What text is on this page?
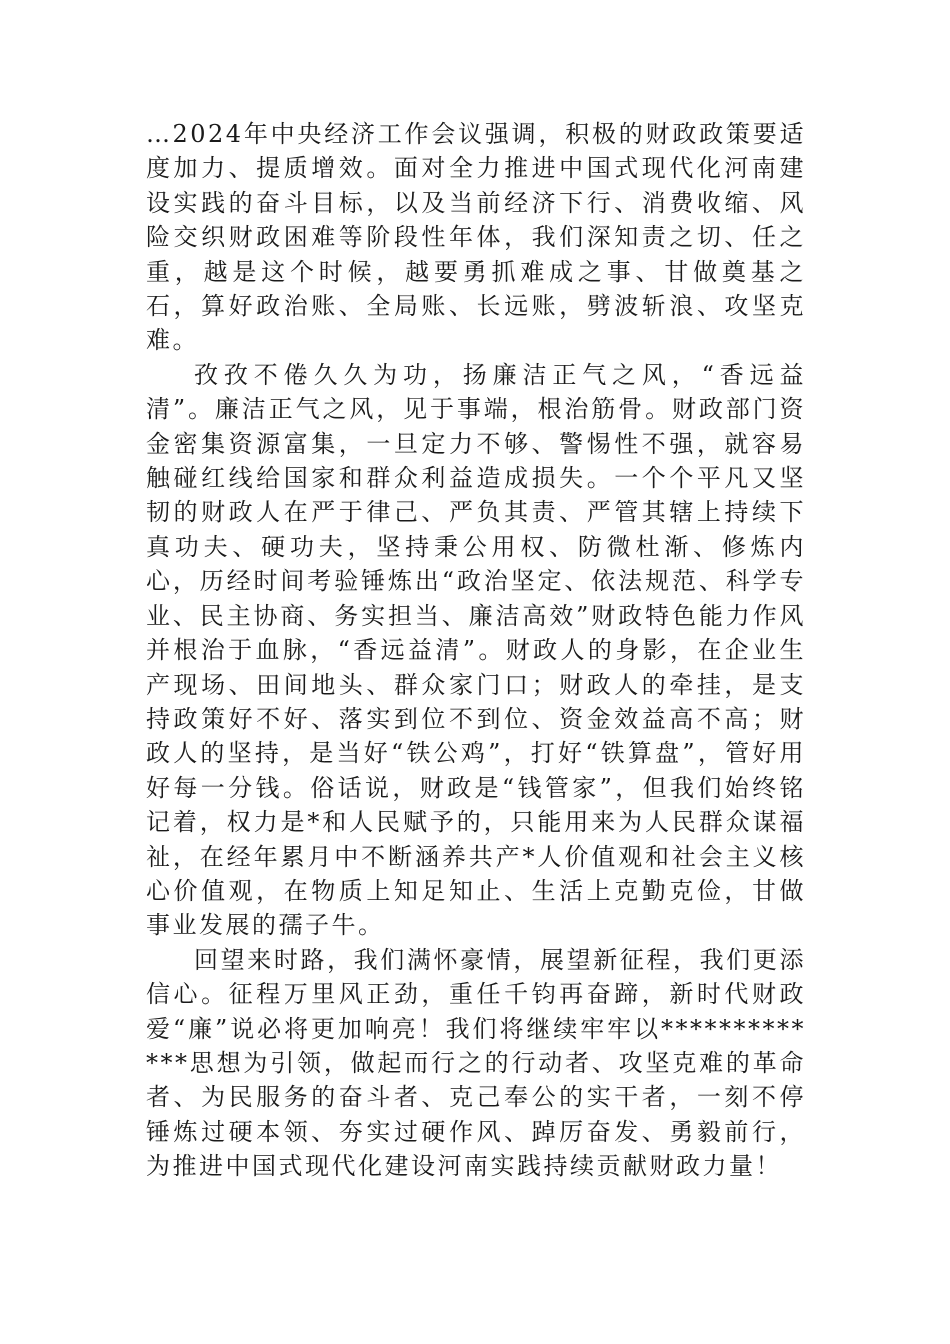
…2024年中央经济工作会议强调，积极的财政政策要适度加力、提质增效。面对全力推进中国式现代化河南建设实践的奋斗目标，以及当前经济下行、消费收缩、风险交织财政困难等阶段性年体，我们深知责之切、任之重，越是这个时候，越要勇抓难成之事、甘做奠基之石，算好政治账、全局账、长远账，劈波斩浪、攻坚克难。

孜孜不倦久久为功，扬廉洁正气之风，“香远益清”。廉洁正气之风，见于事端，根治筋骨。财政部门资金密集资源富集，一旦定力不够、警惕性不强，就容易触碰红线给国家和群众利益造成损失。一个个平凡又坚韧的财政人在严于律己、严负其责、严管其辖上持续下真功夫、硬功夫，坚持秉公用权、防微杜渐、修炼内心，历经时间考验锤炼出“政治坚定、依法规范、科学专业、民主协商、务实担当、廉洁高效”财政特色能力作风并根治于血脉，“香远益清”。财政人的身影，在企业生产现场、田间地头、群众家门口；财政人的牵挂，是支持政策好不好、落实到位不到位、资金效益高不高；财政人的坚持，是当好“铁公鸡”，打好“铁算盘”，管好用好每一分钱。俗话说，财政是“钱管家”，但我们始终铭记着，权力是*和人民赋予的，只能用来为人民群众谋福祉，在经年累月中不断涵养共产*人价值观和社会主义核心价值观，在物质上知足知止、生活上克勤克俭，甘做事业发展的孺子牛。

回望来时路，我们满怀豪情，展望新征程，我们更添信心。征程万里风正劲，重任千钧再奋蹄，新时代财政爱“廉”说必将更加响亮！我们将继续牢牢以*************思想为引领，做起而行之的行动者、攻坚克难的革命者、为民服务的奋斗者、克己奉公的实干者，一刻不停锤炼过硬本领、夯实过硬作风、踔厉奋发、勇毅前行，为推进中国式现代化建设河南实践持续贡献财政力量！
